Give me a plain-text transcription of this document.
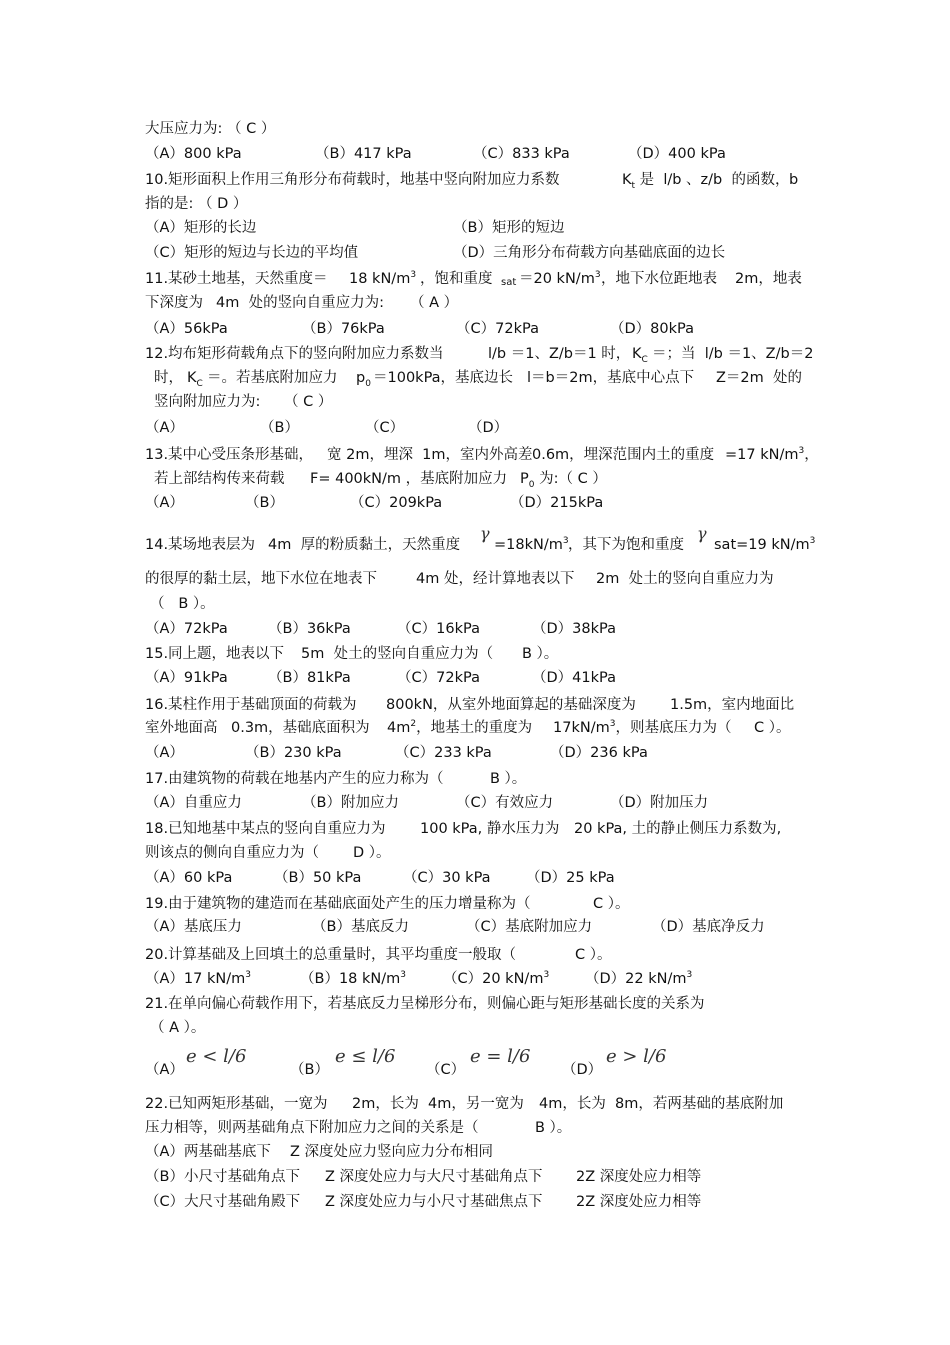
大压应力为: （ C ）
（A）800 kPa	（B）417 kPa	（C）833 kPa	（D）400 kPa
10.矩形面积上作用三角形分布荷载时，地基中竖向附加应力系数	$K_t$ 是  l/b 、z/b  的函数， b
指的是: （ D ）
（A）矩形的长边	（B）矩形的短边
（C）矩形的短边与长边的平均值	（D）三角形分布荷载方向基础底面的边长
11.某砂土地基，天然重度＝ 18 $kN/m^3$ ，饱和重度 sat ＝20 $kN/m^3$ ，地下水位距地表 2m，地表
下深度为 4m  处的竖向自重应力为: （ A ）
（A）56kPa	（B）76kPa	（C）72kPa	（D）80kPa
12.均布矩形荷载角点下的竖向附加应力系数当	l/b ＝1、Z/b＝1 时， $K_C$ ＝；当  l/b ＝1、Z/b＝2
时， $K_C$ ＝。若基底附加应力 $p_0 =100kPa$，基底边长 l＝b＝2m，基底中心点下 Z＝2m  处的
竖向附加应力为: （ C ）
（A）	（B）	（C）	（D）
13.某中心受压条形基础， 宽 2m，埋深  1m，室内外高差 0.6m，埋深范围内土的重度 =17 $kN/m^3$，
若上部结构传来荷载 F= 400kN/m ，基底附加应力 $P_0$ 为:（ C ）
（A）	（B）	（C）209kPa	（D）215kPa
14.某场地表层为 4m  厚的粉质黏土，天然重度
γ
$=18kN/m^3$ ，其下为饱和重度
γ
sat=19 $kN/m^3$
的很厚的黏土层，地下水位在地表下	4m 处，经计算地表以下 2m  处土的竖向自重应力为
（   B ）。
（A）72kPa	（B）36kPa	（C）16kPa	（D）38kPa
15.同上题，地表以下 5m  处土的竖向自重应力为（ B ）。
（A）91kPa	（B）81kPa	（C）72kPa	（D）41kPa
16.某柱作用于基础顶面的荷载为 800kN，从室外地面算起的基础深度为 1.5m，室内地面比
室外地面高 0.3m，基础底面积为 $4m^2$，地基土的重度为 $17kN/m^3$，则基底压力为（ C ）。
（A）	（B）230 kPa	（C）233 kPa	（D）236 kPa
17.由建筑物的荷载在地基内产生的应力称为（	B ）。
（A）自重应力	（B）附加应力	（C）有效应力	（D）附加压力
18.已知地基中某点的竖向自重应力为 100 kPa, 静水压力为 20 kPa, 土的静止侧压力系数为,
则该点的侧向自重应力为（ D ）。
（A）60 kPa	（B）50 kPa	（C）30 kPa （D）25 kPa
19.由于建筑物的建造而在基础底面处产生的压力增量称为（	C ）。
（A）基底压力	（B）基底反力	（C）基底附加应力	（D）基底净反力
20.计算基础及上回填土的总重量时，其平均重度一般取（	C ）。
（A）17 $kN/m^3$	（B）18 $kN/m^3$	（C）20 $kN/m^3$ （D）22 $kN/m^3$
21.在单向偏心荷载作用下，若基底反力呈梯形分布，则偏心距与矩形基础长度的关系为
（ A ）。
（A）
e < l/6
（B）
e ≤ l/6
（C）
e = l/6
（D）
e > l/6
22.已知两矩形基础，一宽为 2m，长为 4m，另一宽为 4m，长为 8m，若两基础的基底附加
压力相等，则两基础角点下附加应力之间的关系是（	B ）。
（A）两基础基底下 Z 深度处应力竖向应力分布相同
（B）小尺寸基础角点下 Z 深度处应力与大尺寸基础角点下 2Z 深度处应力相等
（C）大尺寸基础角殿下 Z 深度处应力与小尺寸基础焦点下 2Z 深度处应力相等
